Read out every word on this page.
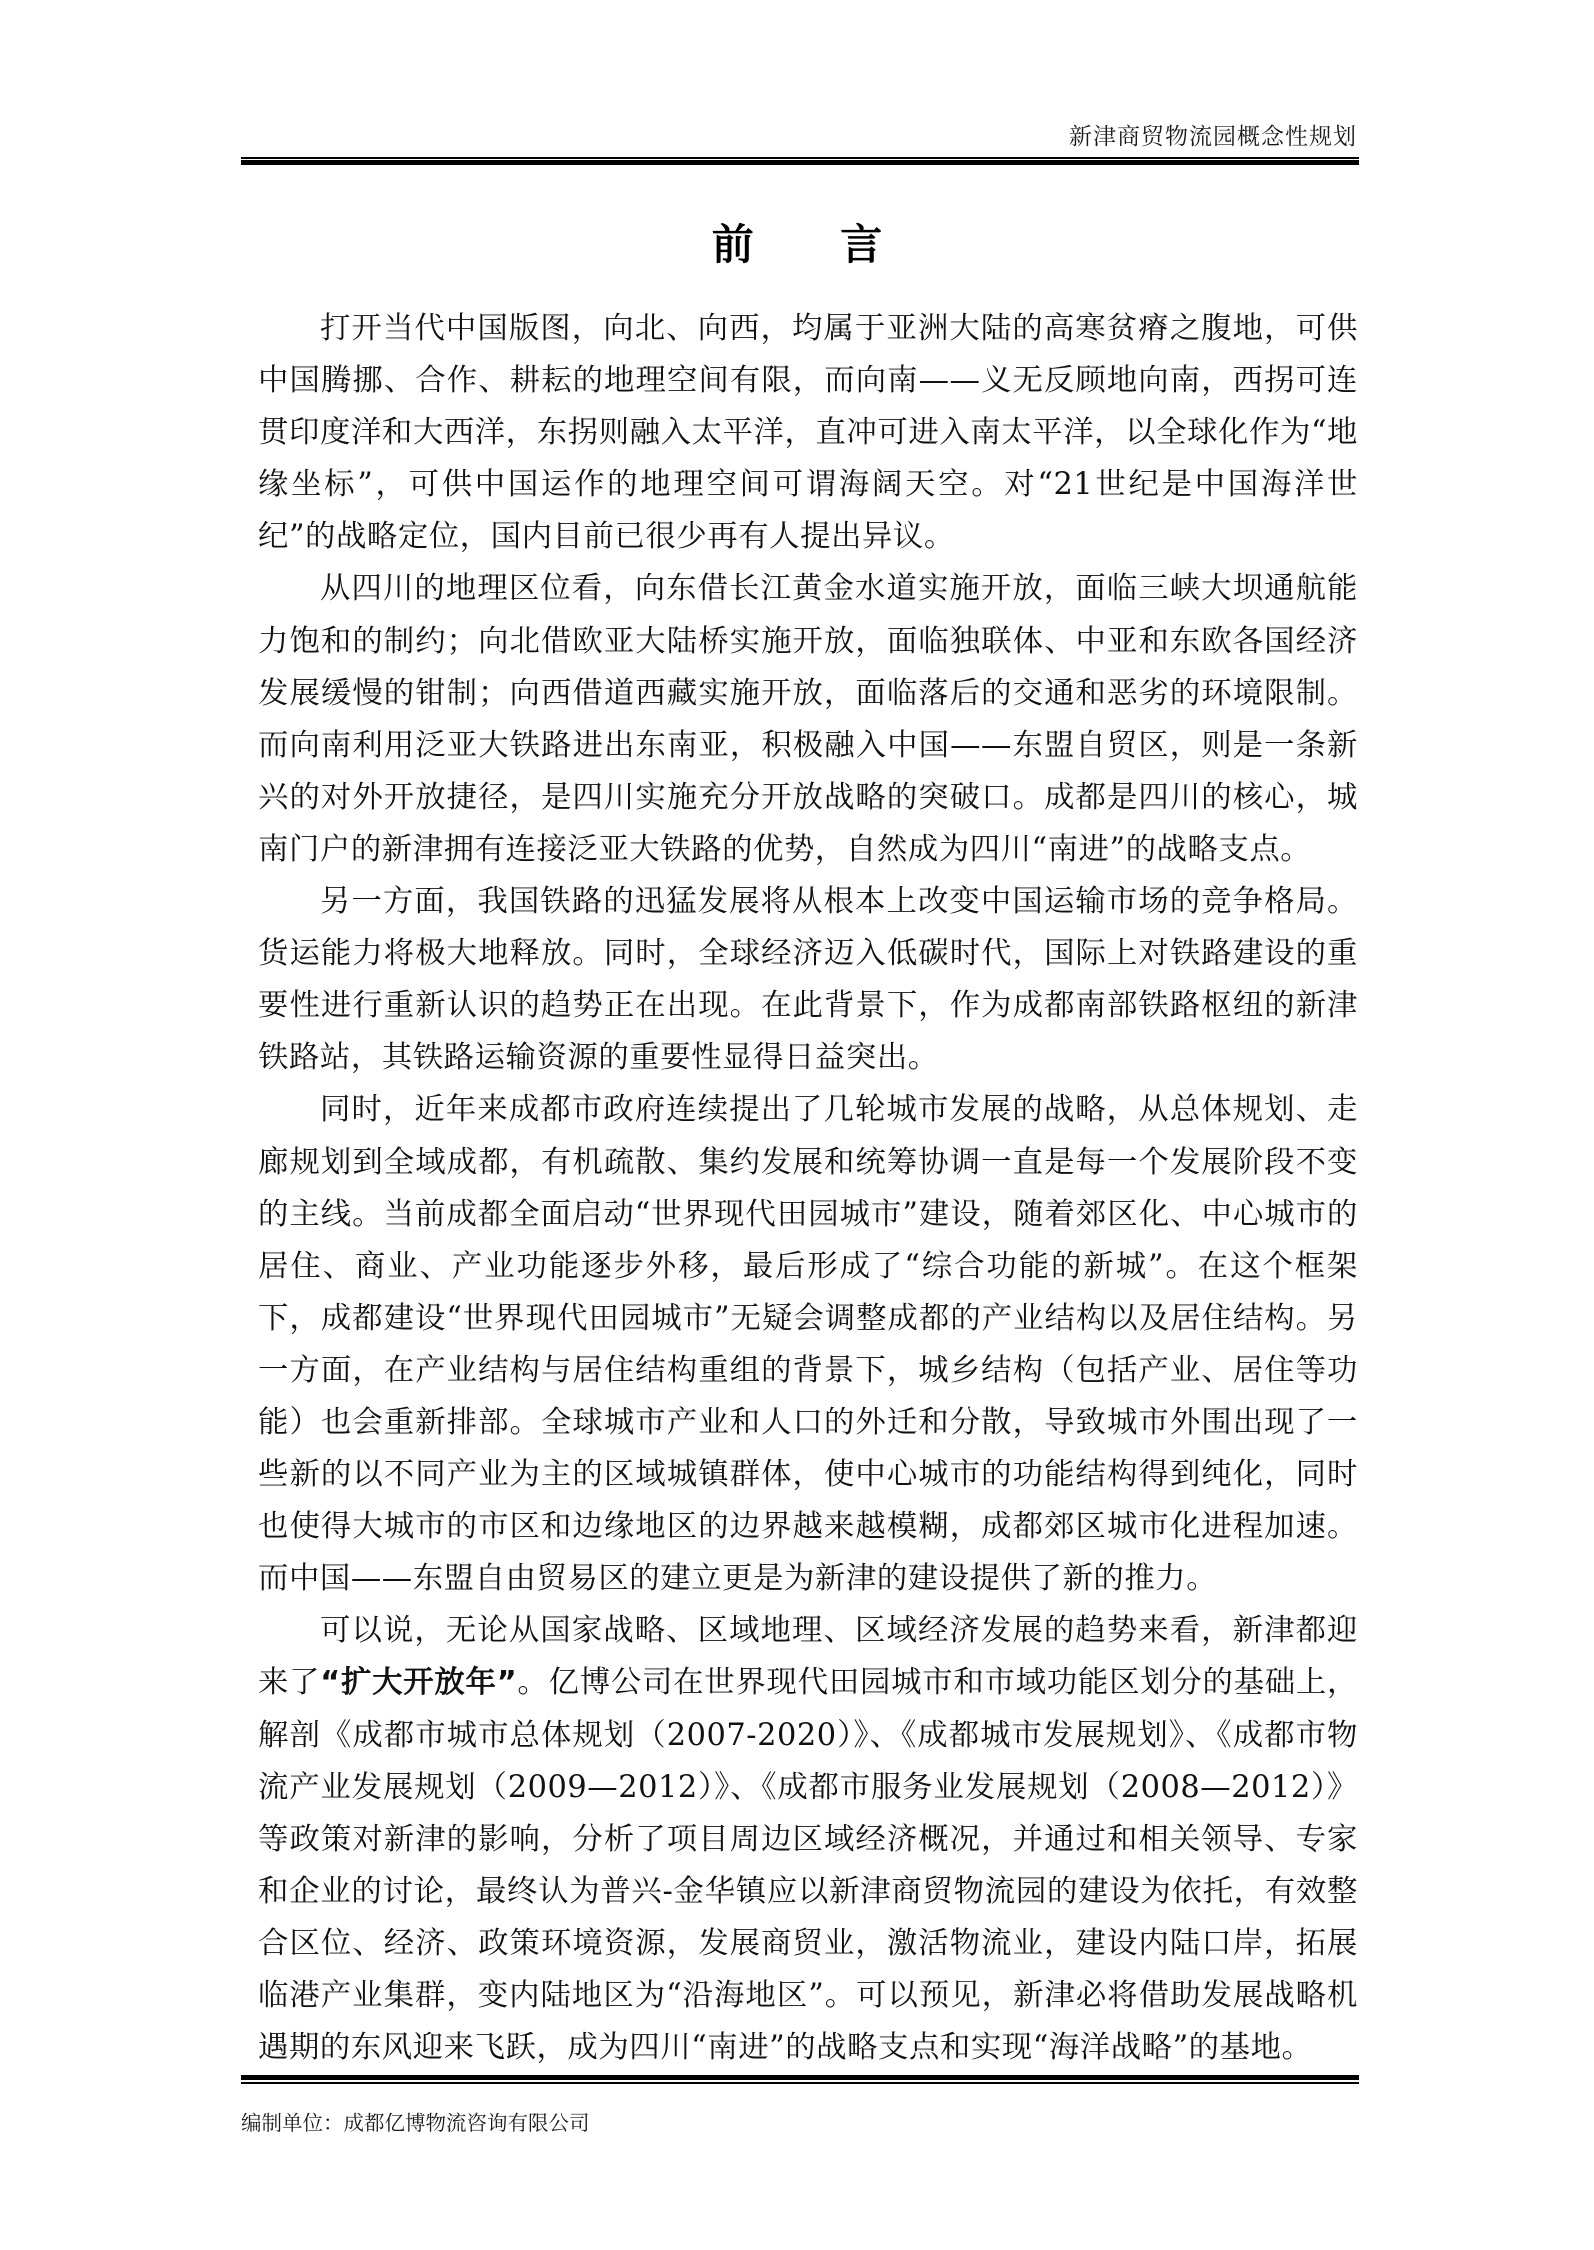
新津商贸物流园概念性规划
前 言

打开当代中国版图，向北、向西，均属于亚洲大陆的高寒贫瘠之腹地，可供中国腾挪、合作、耕耘的地理空间有限，而向南——义无反顾地向南，西拐可连贯印度洋和大西洋，东拐则融入太平洋，直冲可进入南太平洋，以全球化作为“地缘坐标”，可供中国运作的地理空间可谓海阔天空。对“21世纪是中国海洋世纪”的战略定位，国内目前已很少再有人提出异议。

从四川的地理区位看，向东借长江黄金水道实施开放，面临三峡大坝通航能力饱和的制约；向北借欧亚大陆桥实施开放，面临独联体、中亚和东欧各国经济发展缓慢的钳制；向西借道西藏实施开放，面临落后的交通和恶劣的环境限制。而向南利用泛亚大铁路进出东南亚，积极融入中国——东盟自贸区，则是一条新兴的对外开放捷径，是四川实施充分开放战略的突破口。成都是四川的核心，城南门户的新津拥有连接泛亚大铁路的优势，自然成为四川“南进”的战略支点。

另一方面，我国铁路的迅猛发展将从根本上改变中国运输市场的竞争格局。货运能力将极大地释放。同时，全球经济迈入低碳时代，国际上对铁路建设的重要性进行重新认识的趋势正在出现。在此背景下，作为成都南部铁路枢纽的新津铁路站，其铁路运输资源的重要性显得日益突出。

同时，近年来成都市政府连续提出了几轮城市发展的战略，从总体规划、走廊规划到全域成都，有机疏散、集约发展和统筹协调一直是每一个发展阶段不变的主线。当前成都全面启动“世界现代田园城市”建设，随着郊区化、中心城市的居住、商业、产业功能逐步外移，最后形成了“综合功能的新城”。在这个框架下，成都建设“世界现代田园城市”无疑会调整成都的产业结构以及居住结构。另一方面，在产业结构与居住结构重组的背景下，城乡结构（包括产业、居住等功能）也会重新排部。全球城市产业和人口的外迁和分散，导致城市外围出现了一些新的以不同产业为主的区域城镇群体，使中心城市的功能结构得到纯化，同时也使得大城市的市区和边缘地区的边界越来越模糊，成都郊区城市化进程加速。而中国——东盟自由贸易区的建立更是为新津的建设提供了新的推力。

可以说，无论从国家战略、区域地理、区域经济发展的趋势来看，新津都迎来了“扩大开放年”。亿博公司在世界现代田园城市和市域功能区划分的基础上，解剖《成都市城市总体规划（2007-2020）》、《成都城市发展规划》、《成都市物流产业发展规划（2009—2012）》、《成都市服务业发展规划（2008—2012）》等政策对新津的影响，分析了项目周边区域经济概况，并通过和相关领导、专家和企业的讨论，最终认为普兴-金华镇应以新津商贸物流园的建设为依托，有效整合区位、经济、政策环境资源，发展商贸业，激活物流业，建设内陆口岸，拓展临港产业集群，变内陆地区为“沿海地区”。可以预见，新津必将借助发展战略机遇期的东风迎来飞跃，成为四川“南进”的战略支点和实现“海洋战略”的基地。

编制单位：成都亿博物流咨询有限公司
